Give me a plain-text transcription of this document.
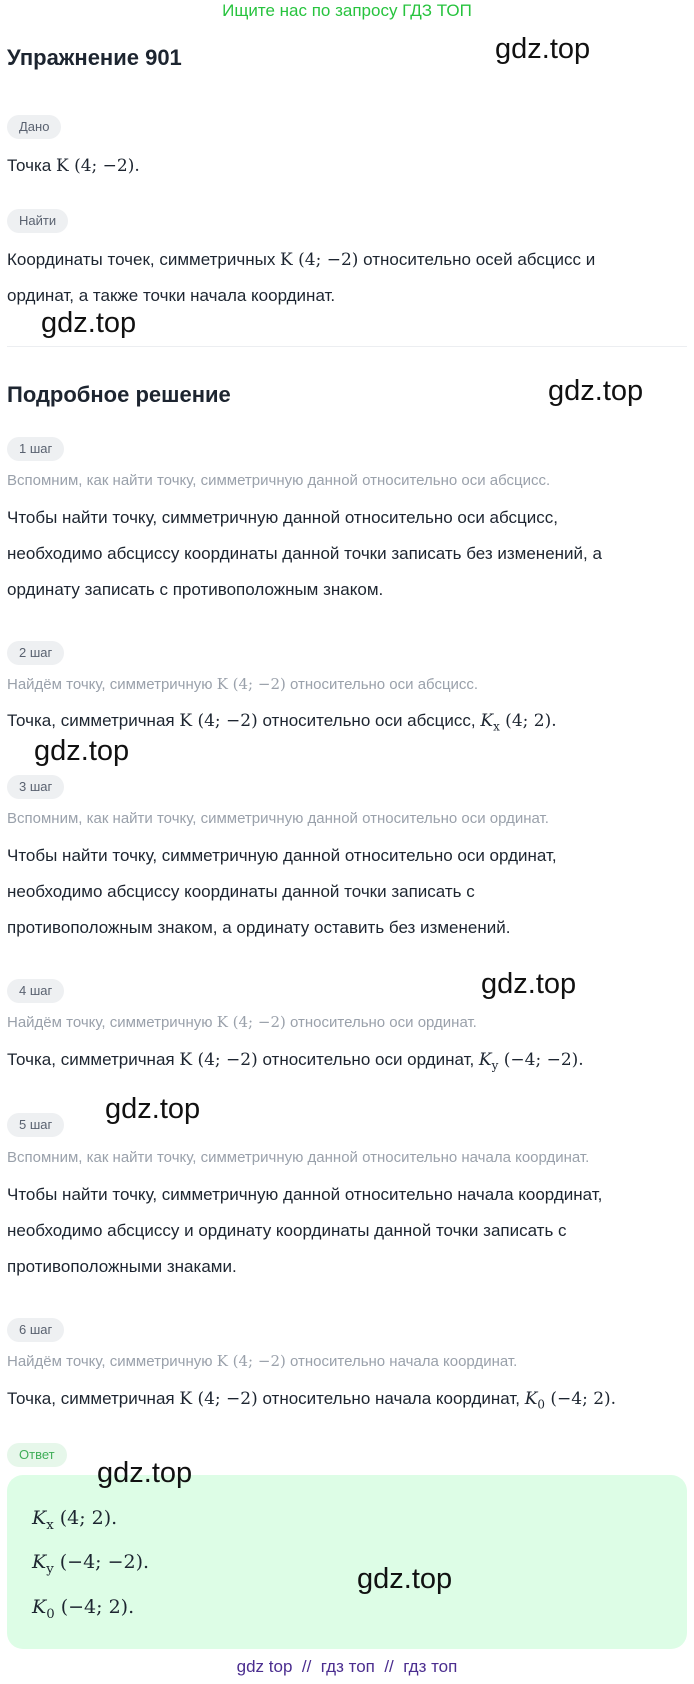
Ищите нас по запросу ГДЗ ТОП
Упражнение 901	gdz.top
Дано
Точка K (4; −2).
Найти
Координаты точек, симметричных K (4; −2) относительно осей абсцисс и
ординат, а также точки начала координат.
gdz.top
Подробное решение	gdz.top
1 шаг
Вспомним, как найти точку, симметричную данной относительно оси абсцисс.
Чтобы найти точку, симметричную данной относительно оси абсцисс,
необходимо абсциссу координаты данной точки записать без изменений, а
ординату записать с противоположным знаком.
2 шаг
Найдём точку, симметричную K (4; −2) относительно оси абсцисс.
Точка, симметричная K (4; −2) относительно оси абсцисс, $K_x$ (4; 2).
gdz.top
3 шаг
Вспомним, как найти точку, симметричную данной относительно оси ординат.
Чтобы найти точку, симметричную данной относительно оси ординат,
необходимо абсциссу координаты данной точки записать с
противоположным знаком, а ординату оставить без изменений.
4 шаг	gdz.top
Найдём точку, симметричную K (4; −2) относительно оси ординат.
Точка, симметричная K (4; −2) относительно оси ординат, $K_y$ (−4; −2).
gdz.top
5 шаг
Вспомним, как найти точку, симметричную данной относительно начала координат.
Чтобы найти точку, симметричную данной относительно начала координат,
необходимо абсциссу и ординату координаты данной точки записать с
противоположными знаками.
6 шаг
Найдём точку, симметричную K (4; −2) относительно начала координат.
Точка, симметричная K (4; −2) относительно начала координат, $K_0$ (−4; 2).
Ответ
gdz.top
$K_x$ (4; 2).
$K_y$ (−4; −2).
$K_0$ (−4; 2).
gdz.top
gdz top  //  гдз топ  //  гдз топ
